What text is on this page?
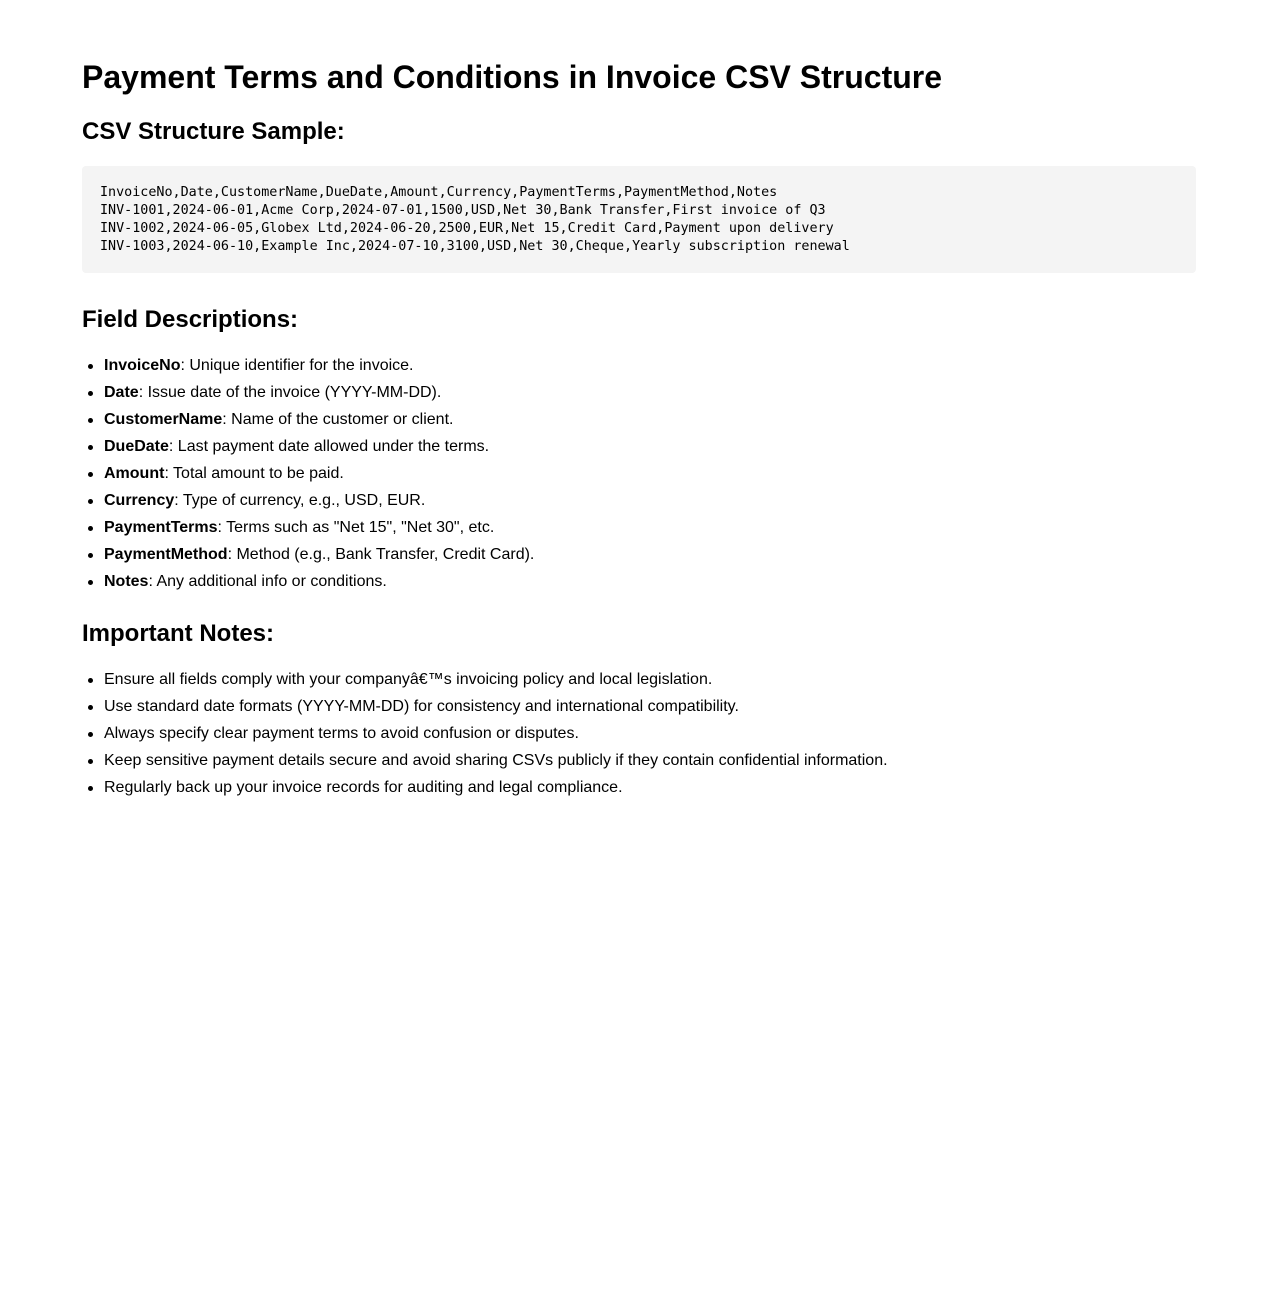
Payment Terms and Conditions in Invoice CSV Structure
CSV Structure Sample:
InvoiceNo,Date,CustomerName,DueDate,Amount,Currency,PaymentTerms,PaymentMethod,Notes
INV-1001,2024-06-01,Acme Corp,2024-07-01,1500,USD,Net 30,Bank Transfer,First invoice of Q3
INV-1002,2024-06-05,Globex Ltd,2024-06-20,2500,EUR,Net 15,Credit Card,Payment upon delivery
INV-1003,2024-06-10,Example Inc,2024-07-10,3100,USD,Net 30,Cheque,Yearly subscription renewal
Field Descriptions:
InvoiceNo: Unique identifier for the invoice.
Date: Issue date of the invoice (YYYY-MM-DD).
CustomerName: Name of the customer or client.
DueDate: Last payment date allowed under the terms.
Amount: Total amount to be paid.
Currency: Type of currency, e.g., USD, EUR.
PaymentTerms: Terms such as "Net 15", "Net 30", etc.
PaymentMethod: Method (e.g., Bank Transfer, Credit Card).
Notes: Any additional info or conditions.
Important Notes:
Ensure all fields comply with your companyâ€™s invoicing policy and local legislation.
Use standard date formats (YYYY-MM-DD) for consistency and international compatibility.
Always specify clear payment terms to avoid confusion or disputes.
Keep sensitive payment details secure and avoid sharing CSVs publicly if they contain confidential information.
Regularly back up your invoice records for auditing and legal compliance.
